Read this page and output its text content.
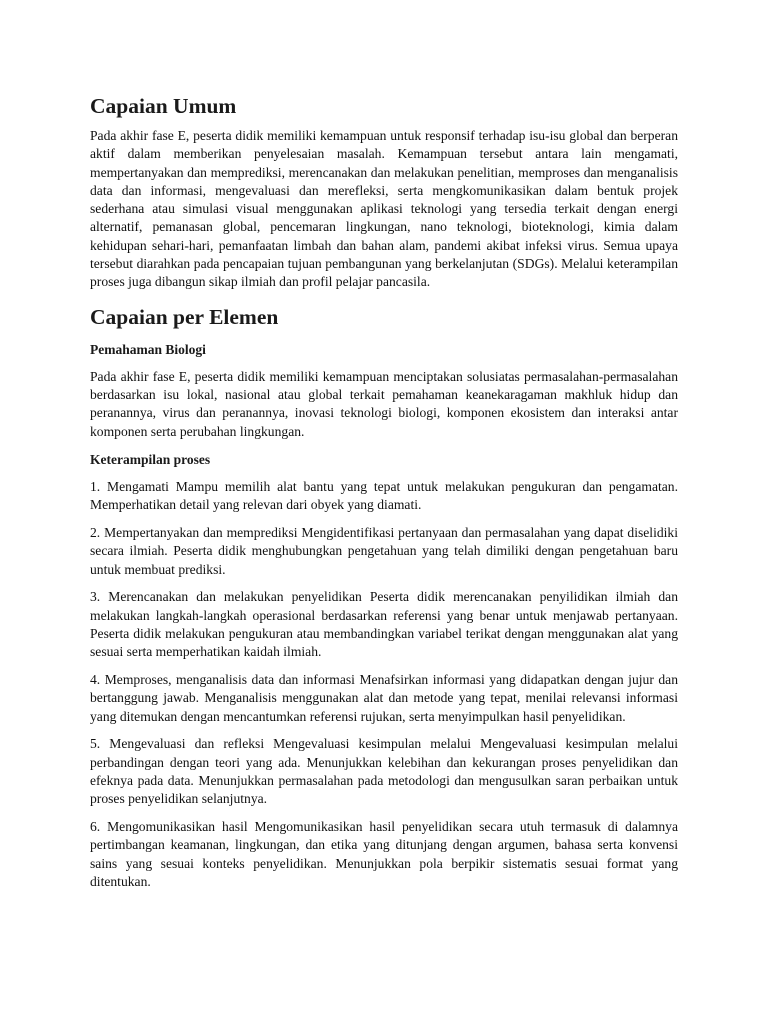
Capaian Umum

Pada akhir fase E, peserta didik memiliki kemampuan untuk responsif terhadap isu-isu global dan berperan aktif dalam memberikan penyelesaian masalah. Kemampuan tersebut antara lain mengamati, mempertanyakan dan memprediksi, merencanakan dan melakukan penelitian, memproses dan menganalisis data dan informasi, mengevaluasi dan merefleksi, serta mengkomunikasikan dalam bentuk projek sederhana atau simulasi visual menggunakan aplikasi teknologi yang tersedia terkait dengan energi alternatif, pemanasan global, pencemaran lingkungan, nano teknologi, bioteknologi, kimia dalam kehidupan sehari-hari, pemanfaatan limbah dan bahan alam, pandemi akibat infeksi virus. Semua upaya tersebut diarahkan pada pencapaian tujuan pembangunan yang berkelanjutan (SDGs). Melalui keterampilan proses juga dibangun sikap ilmiah dan profil pelajar pancasila.

Capaian per Elemen
Pemahaman Biologi

Pada akhir fase E, peserta didik memiliki kemampuan menciptakan solusiatas permasalahan-permasalahan berdasarkan isu lokal, nasional atau global terkait pemahaman keanekaragaman makhluk hidup dan peranannya, virus dan peranannya, inovasi teknologi biologi, komponen ekosistem dan interaksi antar komponen serta perubahan lingkungan.

Keterampilan proses

1. Mengamati Mampu memilih alat bantu yang tepat untuk melakukan pengukuran dan pengamatan. Memperhatikan detail yang relevan dari obyek yang diamati.

2. Mempertanyakan dan memprediksi Mengidentifikasi pertanyaan dan permasalahan yang dapat diselidiki secara ilmiah. Peserta didik menghubungkan pengetahuan yang telah dimiliki dengan pengetahuan baru untuk membuat prediksi.

3. Merencanakan dan melakukan penyelidikan Peserta didik merencanakan penyilidikan ilmiah dan melakukan langkah-langkah operasional berdasarkan referensi yang benar untuk menjawab pertanyaan. Peserta didik melakukan pengukuran atau membandingkan variabel terikat dengan menggunakan alat yang sesuai serta memperhatikan kaidah ilmiah.

4. Memproses, menganalisis data dan informasi Menafsirkan informasi yang didapatkan dengan jujur dan bertanggung jawab. Menganalisis menggunakan alat dan metode yang tepat, menilai relevansi informasi yang ditemukan dengan mencantumkan referensi rujukan, serta menyimpulkan hasil penyelidikan.

5. Mengevaluasi dan refleksi Mengevaluasi kesimpulan melalui Mengevaluasi kesimpulan melalui perbandingan dengan teori yang ada. Menunjukkan kelebihan dan kekurangan proses penyelidikan dan efeknya pada data. Menunjukkan permasalahan pada metodologi dan mengusulkan saran perbaikan untuk proses penyelidikan selanjutnya.

6. Mengomunikasikan hasil Mengomunikasikan hasil penyelidikan secara utuh termasuk di dalamnya pertimbangan keamanan, lingkungan, dan etika yang ditunjang dengan argumen, bahasa serta konvensi sains yang sesuai konteks penyelidikan. Menunjukkan pola berpikir sistematis sesuai format yang ditentukan.
